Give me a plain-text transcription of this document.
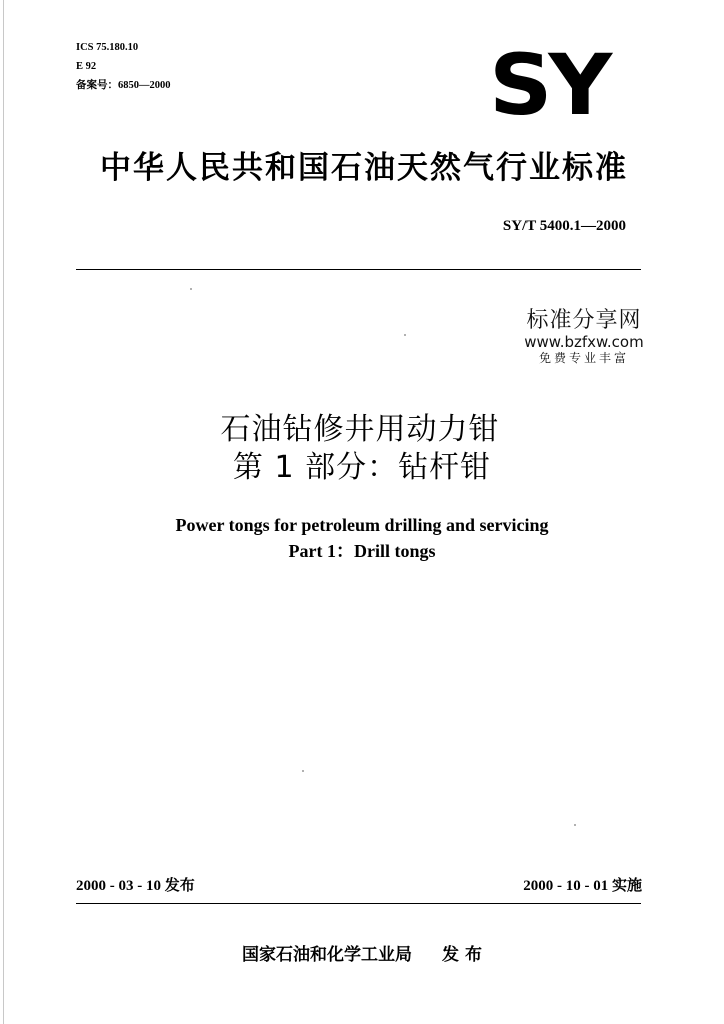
ICS 75.180.10
E 92
备案号：6850—2000	SY
中华人民共和国石油天然气行业标准
SY/T 5400.1—2000
标准分享网
www.bzfxw.com
免费专业丰富
石油钻修井用动力钳
第 1 部分：钻杆钳
Power tongs for petroleum drilling and servicing
Part 1：Drill tongs
2000 - 03 - 10 发布	2000 - 10 - 01 实施
国家石油和化学工业局 发 布
